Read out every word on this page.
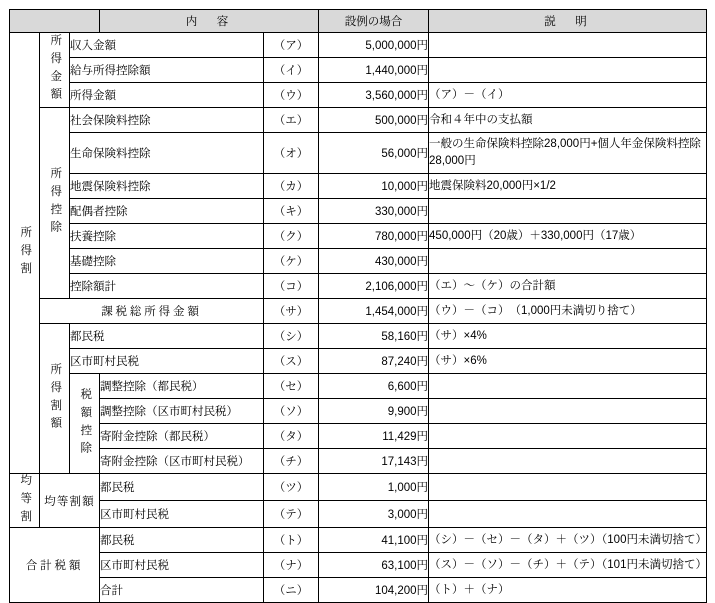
			内　容		設例の場合	説　明
所得割	所得金額	収入金額		（ア）	5,000,000円	
		給与所得控除額		（イ）	1,440,000円	
		所得金額		（ウ）	3,560,000円	（ア）－（イ）
	所得控除	社会保険料控除		（エ）	500,000円	令和４年中の支払額
		生命保険料控除		（オ）	56,000円	一般の生命保険料控除28,000円+個人年金保険料控除28,000円
		地震保険料控除		（カ）	10,000円	地震保険料20,000円×1/2
		配偶者控除		（キ）	330,000円	
		扶養控除		（ク）	780,000円	450,000円（20歳）＋330,000円（17歳）
		基礎控除		（ケ）	430,000円	
		控除額計		（コ）	2,106,000円	（エ）～（ケ）の合計額
	課税総所得金額			（サ）	1,454,000円	（ウ）－（コ）　（1,000円未満切り捨て）
	所得割額	都民税		（シ）	58,160円	（サ）×4%
		区市町村民税		（ス）	87,240円	（サ）×6%
		税額控除	調整控除（都民税）	（セ）	6,600円	
			調整控除（区市町村民税）	（ソ）	9,900円	
			寄附金控除（都民税）	（タ）	11,429円	
			寄附金控除（区市町村民税）	（チ）	17,143円	
均等割	均等割額		都民税	（ツ）	1,000円	
			区市町村民税	（テ）	3,000円	
合計税額			都民税	（ト）	41,100円	（シ）－（セ）－（タ）＋（ツ）（100円未満切捨て）
			区市町村民税	（ナ）	63,100円	（ス）－（ソ）－（チ）＋（テ）（101円未満切捨て）
			合計	（ニ）	104,200円	（ト）＋（ナ）
